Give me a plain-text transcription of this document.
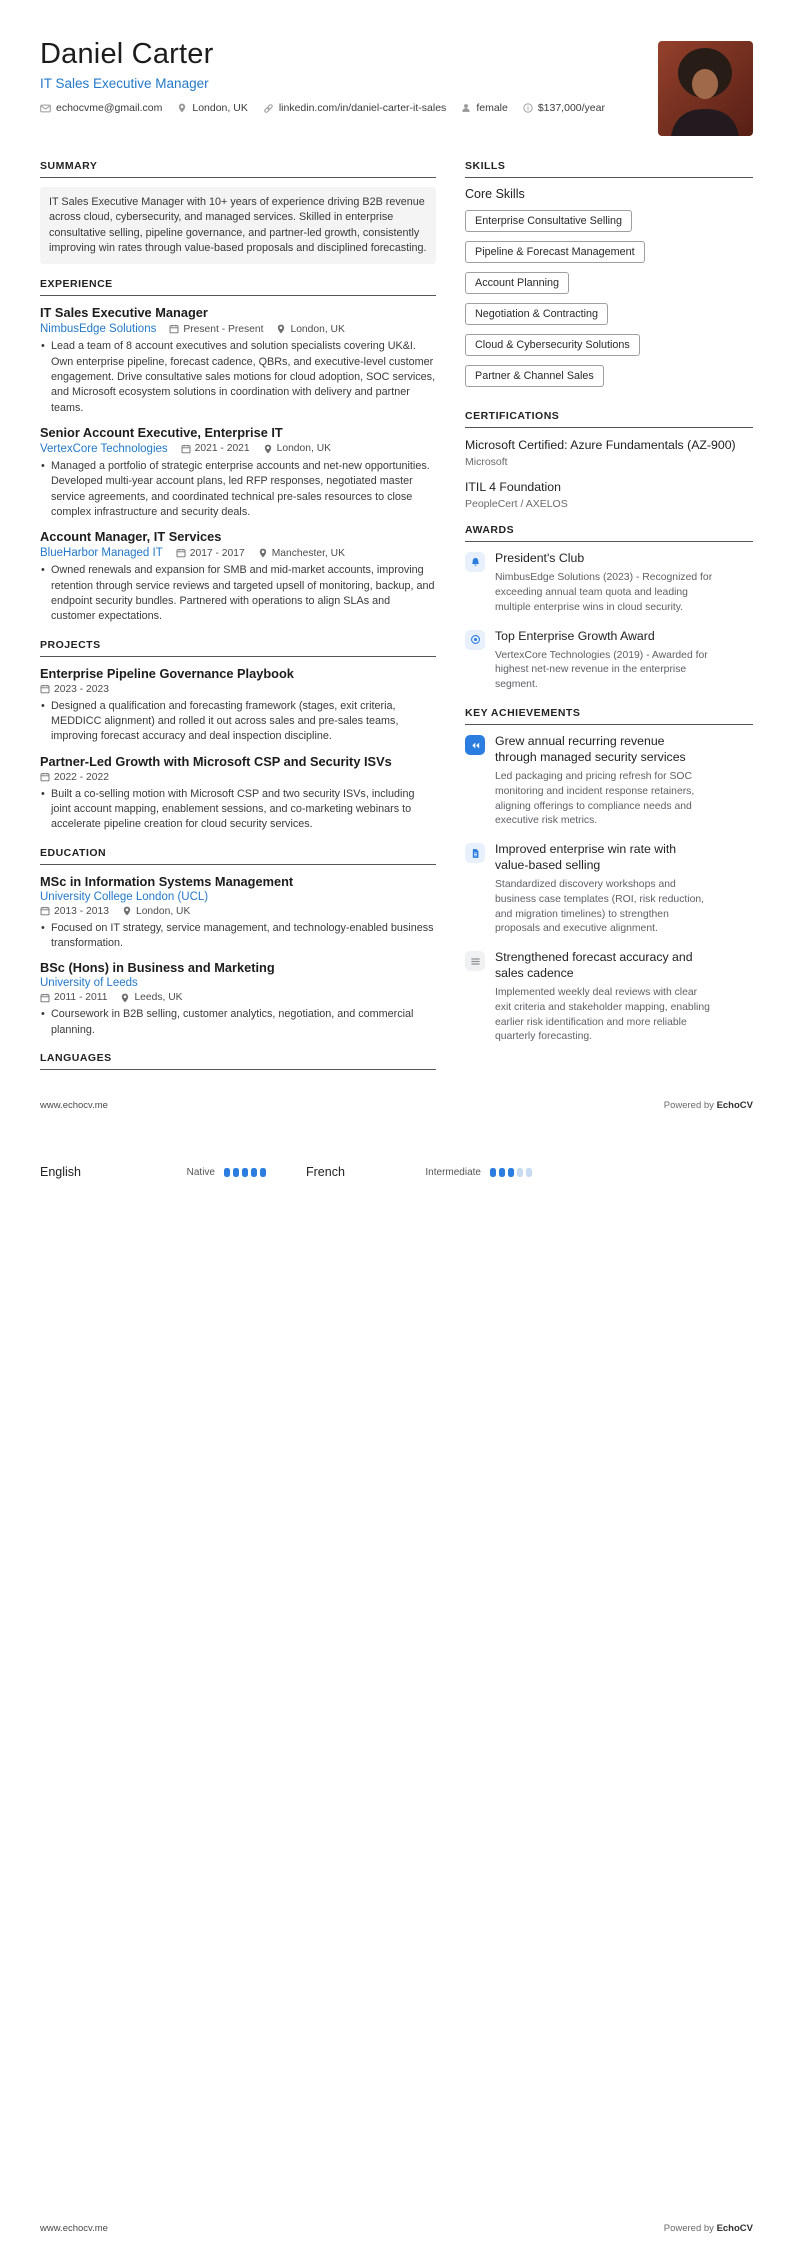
Daniel Carter
IT Sales Executive Manager
echocvme@gmail.com	London, UK	linkedin.com/in/daniel-carter-it-sales	female	$137,000/year
SUMMARY
IT Sales Executive Manager with 10+ years of experience driving B2B revenue across cloud, cybersecurity, and managed services. Skilled in enterprise consultative selling, pipeline governance, and partner-led growth, consistently improving win rates through value-based proposals and disciplined forecasting.
EXPERIENCE
IT Sales Executive Manager
NimbusEdge Solutions	Present - Present	London, UK
• Lead a team of 8 account executives and solution specialists covering UK&I. Own enterprise pipeline, forecast cadence, QBRs, and executive-level customer engagement. Drive consultative sales motions for cloud adoption, SOC services, and Microsoft ecosystem solutions in coordination with delivery and partner teams.
Senior Account Executive, Enterprise IT
VertexCore Technologies	2021 - 2021	London, UK
• Managed a portfolio of strategic enterprise accounts and net-new opportunities. Developed multi-year account plans, led RFP responses, negotiated master service agreements, and coordinated technical pre-sales resources to close complex infrastructure and security deals.
Account Manager, IT Services
BlueHarbor Managed IT	2017 - 2017	Manchester, UK
• Owned renewals and expansion for SMB and mid-market accounts, improving retention through service reviews and targeted upsell of monitoring, backup, and endpoint security bundles. Partnered with operations to align SLAs and customer expectations.
PROJECTS
Enterprise Pipeline Governance Playbook
2023 - 2023
• Designed a qualification and forecasting framework (stages, exit criteria, MEDDICC alignment) and rolled it out across sales and pre-sales teams, improving forecast accuracy and deal inspection discipline.
Partner-Led Growth with Microsoft CSP and Security ISVs
2022 - 2022
• Built a co-selling motion with Microsoft CSP and two security ISVs, including joint account mapping, enablement sessions, and co-marketing webinars to accelerate pipeline creation for cloud security services.
EDUCATION
MSc in Information Systems Management
University College London (UCL)
2013 - 2013	London, UK
• Focused on IT strategy, service management, and technology-enabled business transformation.
BSc (Hons) in Business and Marketing
University of Leeds
2011 - 2011	Leeds, UK
• Coursework in B2B selling, customer analytics, negotiation, and commercial planning.
LANGUAGES
SKILLS
Core Skills
Enterprise Consultative Selling
Pipeline & Forecast Management
Account Planning
Negotiation & Contracting
Cloud & Cybersecurity Solutions
Partner & Channel Sales
CERTIFICATIONS
Microsoft Certified: Azure Fundamentals (AZ-900)
Microsoft
ITIL 4 Foundation
PeopleCert / AXELOS
AWARDS
President's Club
NimbusEdge Solutions (2023) - Recognized for exceeding annual team quota and leading multiple enterprise wins in cloud security.
Top Enterprise Growth Award
VertexCore Technologies (2019) - Awarded for highest net-new revenue in the enterprise segment.
KEY ACHIEVEMENTS
Grew annual recurring revenue through managed security services
Led packaging and pricing refresh for SOC monitoring and incident response retainers, aligning offerings to compliance needs and executive risk metrics.
Improved enterprise win rate with value-based selling
Standardized discovery workshops and business case templates (ROI, risk reduction, and migration timelines) to strengthen proposals and executive alignment.
Strengthened forecast accuracy and sales cadence
Implemented weekly deal reviews with clear exit criteria and stakeholder mapping, enabling earlier risk identification and more reliable quarterly forecasting.
www.echocv.me	Powered by EchoCV
English	Native	French	Intermediate
www.echocv.me	Powered by EchoCV
